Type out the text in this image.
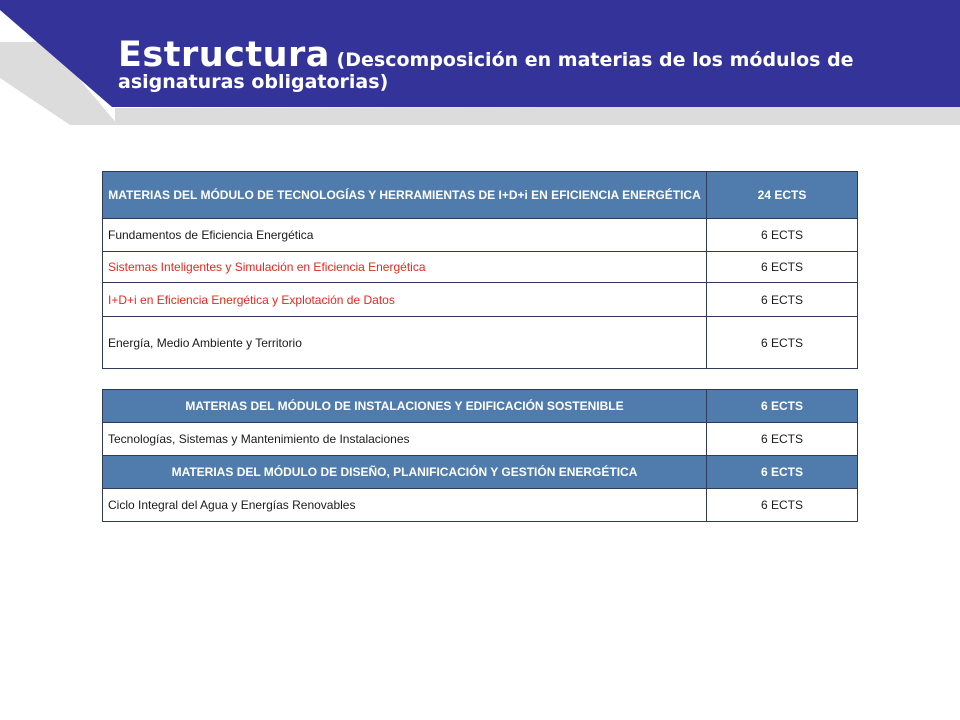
Estructura (Descomposición en materias de los módulos de asignaturas obligatorias)
MATERIAS DEL MÓDULO DE TECNOLOGÍAS Y HERRAMIENTAS DE I+D+i EN EFICIENCIA ENERGÉTICA	24 ECTS
Fundamentos de Eficiencia Energética	6 ECTS
Sistemas Inteligentes y Simulación en Eficiencia Energética	6 ECTS
I+D+i en Eficiencia Energética y Explotación de Datos	6 ECTS
Energía, Medio Ambiente y Territorio	6 ECTS
MATERIAS DEL MÓDULO DE INSTALACIONES Y EDIFICACIÓN SOSTENIBLE	6 ECTS
Tecnologías, Sistemas y Mantenimiento de Instalaciones	6 ECTS
MATERIAS DEL MÓDULO DE DISEÑO, PLANIFICACIÓN Y GESTIÓN ENERGÉTICA	6 ECTS
Ciclo Integral del Agua y Energías Renovables	6 ECTS
